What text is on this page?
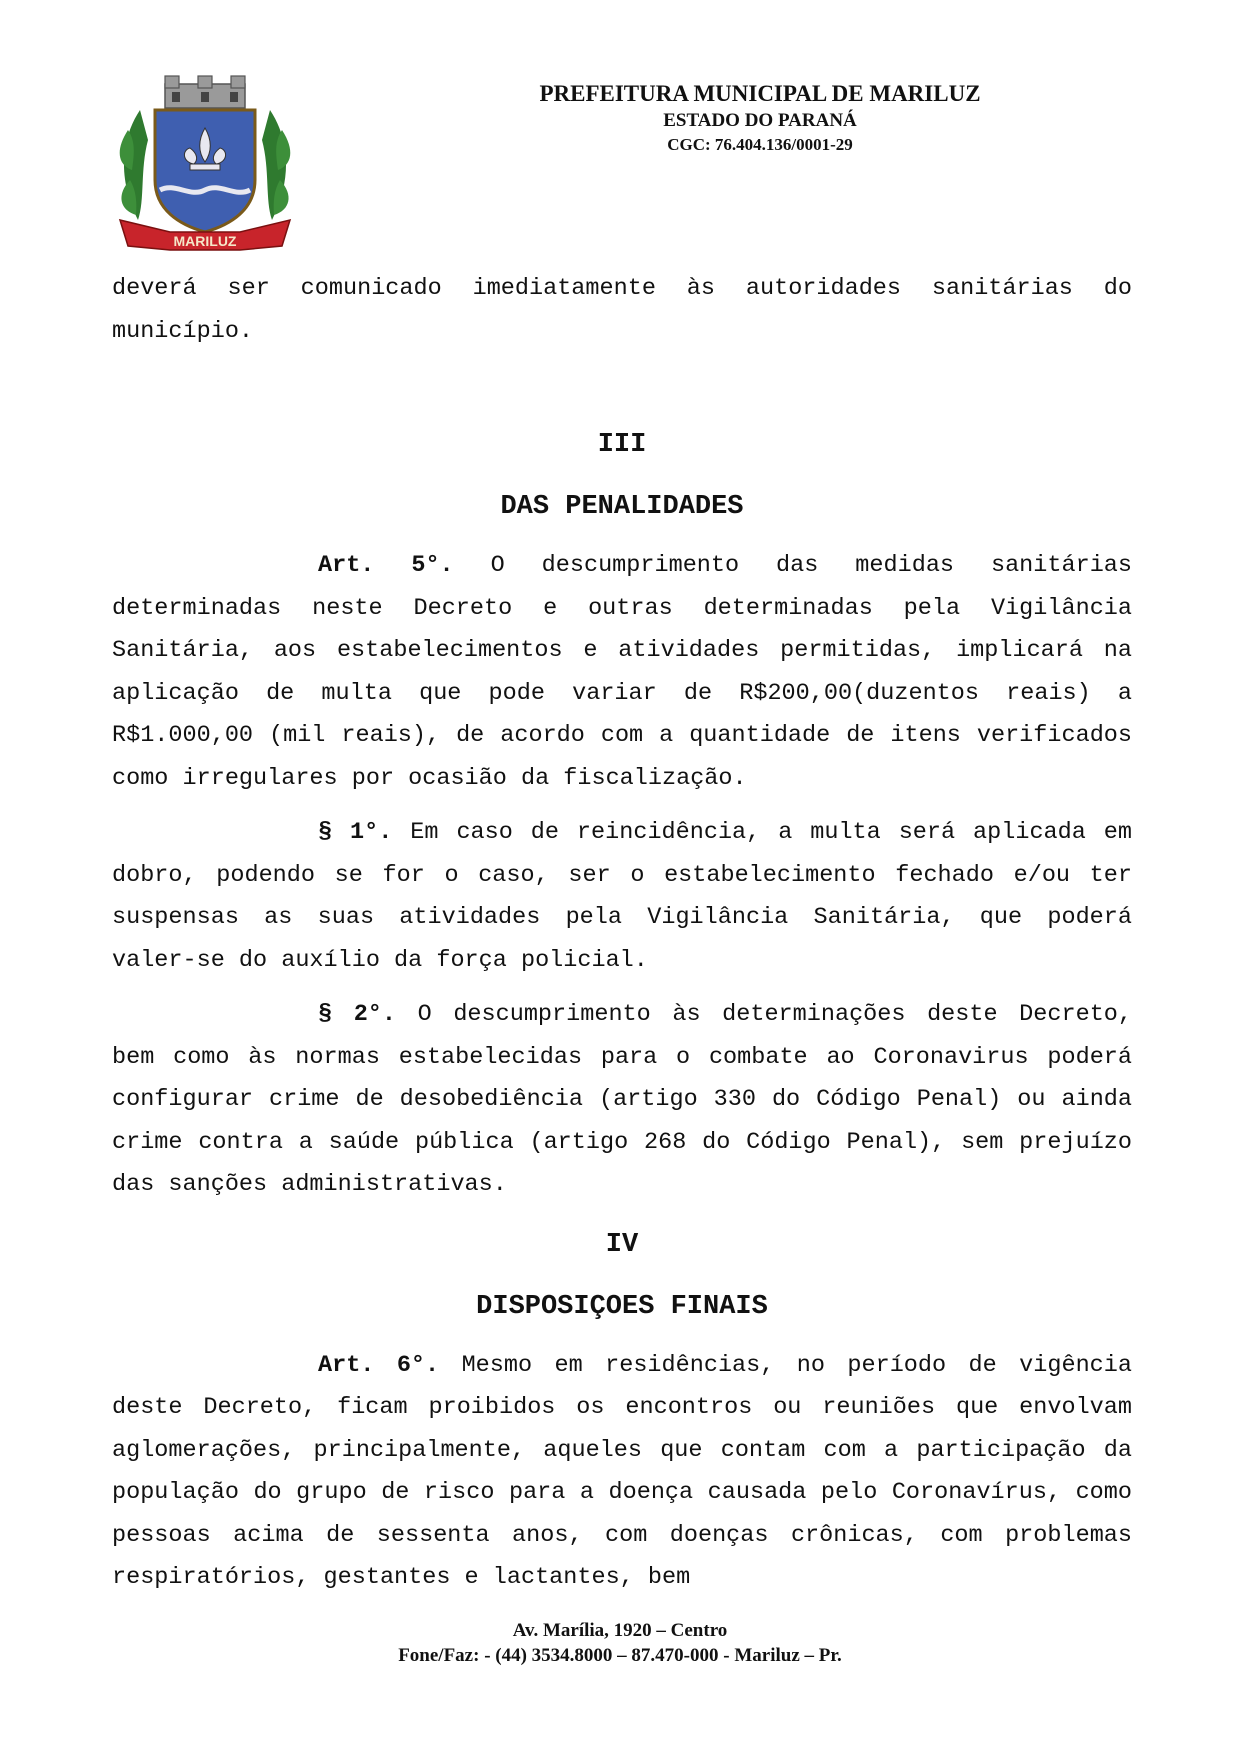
MARILUZ
PREFEITURA MUNICIPAL DE MARILUZ
ESTADO DO PARANÁ
CGC: 76.404.136/0001-29

deverá ser comunicado imediatamente às autoridades sanitárias do município.

III

DAS PENALIDADES

Art. 5°. O descumprimento das medidas sanitárias determinadas neste Decreto e outras determinadas pela Vigilância Sanitária, aos estabelecimentos e atividades permitidas, implicará na aplicação de multa que pode variar de R$200,00(duzentos reais) a R$1.000,00 (mil reais), de acordo com a quantidade de itens verificados como irregulares por ocasião da fiscalização.

§ 1°. Em caso de reincidência, a multa será aplicada em dobro, podendo se for o caso, ser o estabelecimento fechado e/ou ter suspensas as suas atividades pela Vigilância Sanitária, que poderá valer-se do auxílio da força policial.

§ 2°. O descumprimento às determinações deste Decreto, bem como às normas estabelecidas para o combate ao Coronavirus poderá configurar crime de desobediência (artigo 330 do Código Penal) ou ainda crime contra a saúde pública (artigo 268 do Código Penal), sem prejuízo das sanções administrativas.

IV

DISPOSIÇOES FINAIS

Art. 6°. Mesmo em residências, no período de vigência deste Decreto, ficam proibidos os encontros ou reuniões que envolvam aglomerações, principalmente, aqueles que contam com a participação da população do grupo de risco para a doença causada pelo Coronavírus, como pessoas acima de sessenta anos, com doenças crônicas, com problemas respiratórios, gestantes e lactantes, bem

Av. Marília, 1920 – Centro
Fone/Faz: - (44) 3534.8000 – 87.470-000 - Mariluz – Pr.
